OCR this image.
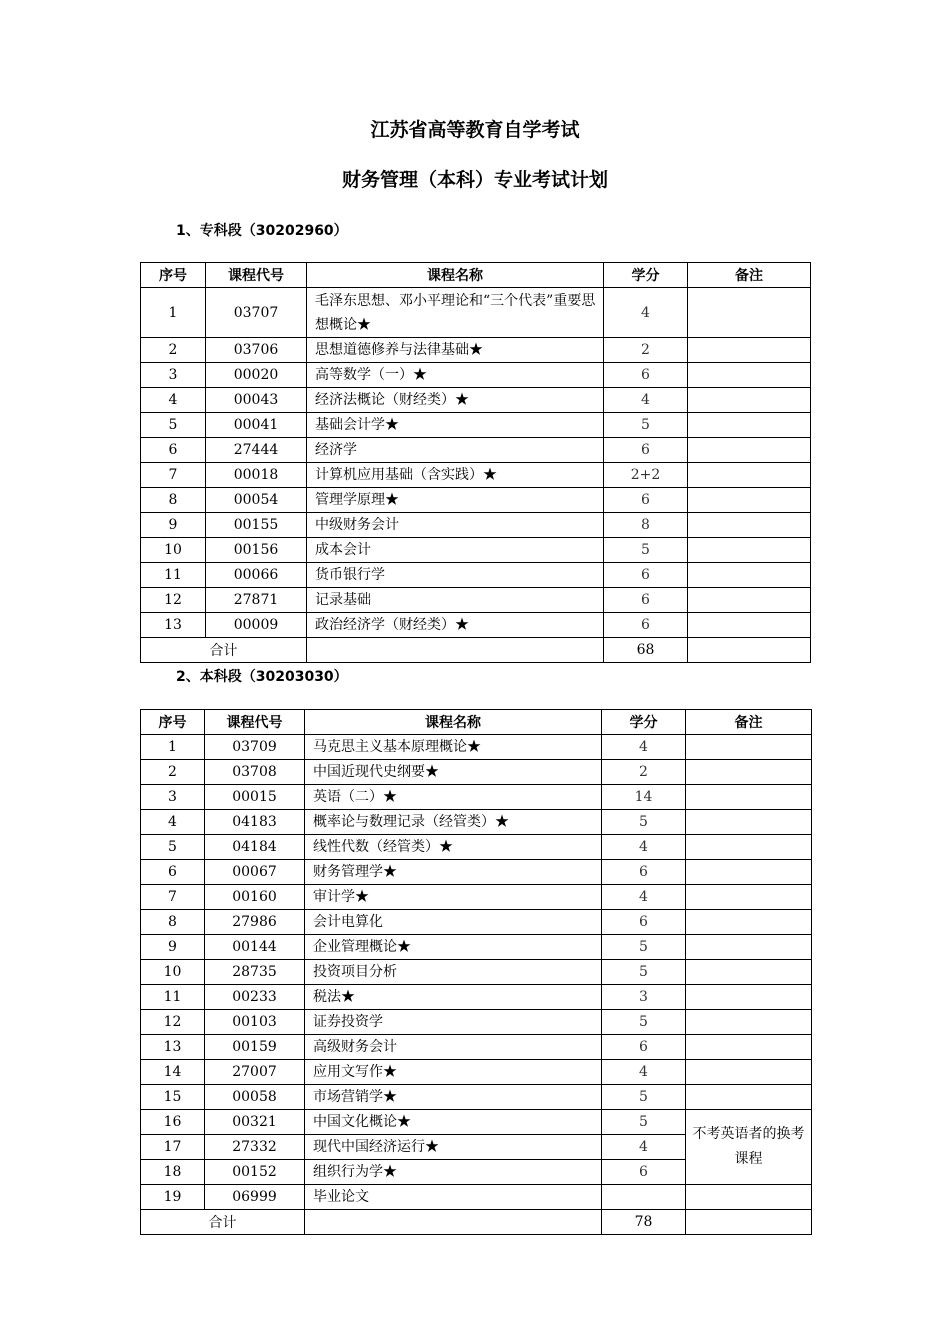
江苏省高等教育自学考试
财务管理（本科）专业考试计划
1、专科段（30202960）
序号	课程代号	课程名称	学分	备注
1	03707	毛泽东思想、邓小平理论和“三个代表”重要思想概论★	4	
2	03706	思想道德修养与法律基础★	2	
3	00020	高等数学（一）★	6	
4	00043	经济法概论（财经类）★	4	
5	00041	基础会计学★	5	
6	27444	经济学	6	
7	00018	计算机应用基础（含实践）★	2+2	
8	00054	管理学原理★	6	
9	00155	中级财务会计	8	
10	00156	成本会计	5	
11	00066	货币银行学	6	
12	27871	记录基础	6	
13	00009	政治经济学（财经类）★	6	
合计			68	
2、本科段（30203030）
序号	课程代号	课程名称	学分	备注
1	03709	马克思主义基本原理概论★	4	
2	03708	中国近现代史纲要★	2	
3	00015	英语（二）★	14	
4	04183	概率论与数理记录（经管类）★	5	
5	04184	线性代数（经管类）★	4	
6	00067	财务管理学★	6	
7	00160	审计学★	4	
8	27986	会计电算化	6	
9	00144	企业管理概论★	5	
10	28735	投资项目分析	5	
11	00233	税法★	3	
12	00103	证券投资学	5	
13	00159	高级财务会计	6	
14	27007	应用文写作★	4	
15	00058	市场营销学★	5	
16	00321	中国文化概论★	5	不考英语者的换考课程
17	27332	现代中国经济运行★	4	
18	00152	组织行为学★	6	
19	06999	毕业论文		
合计			78	
